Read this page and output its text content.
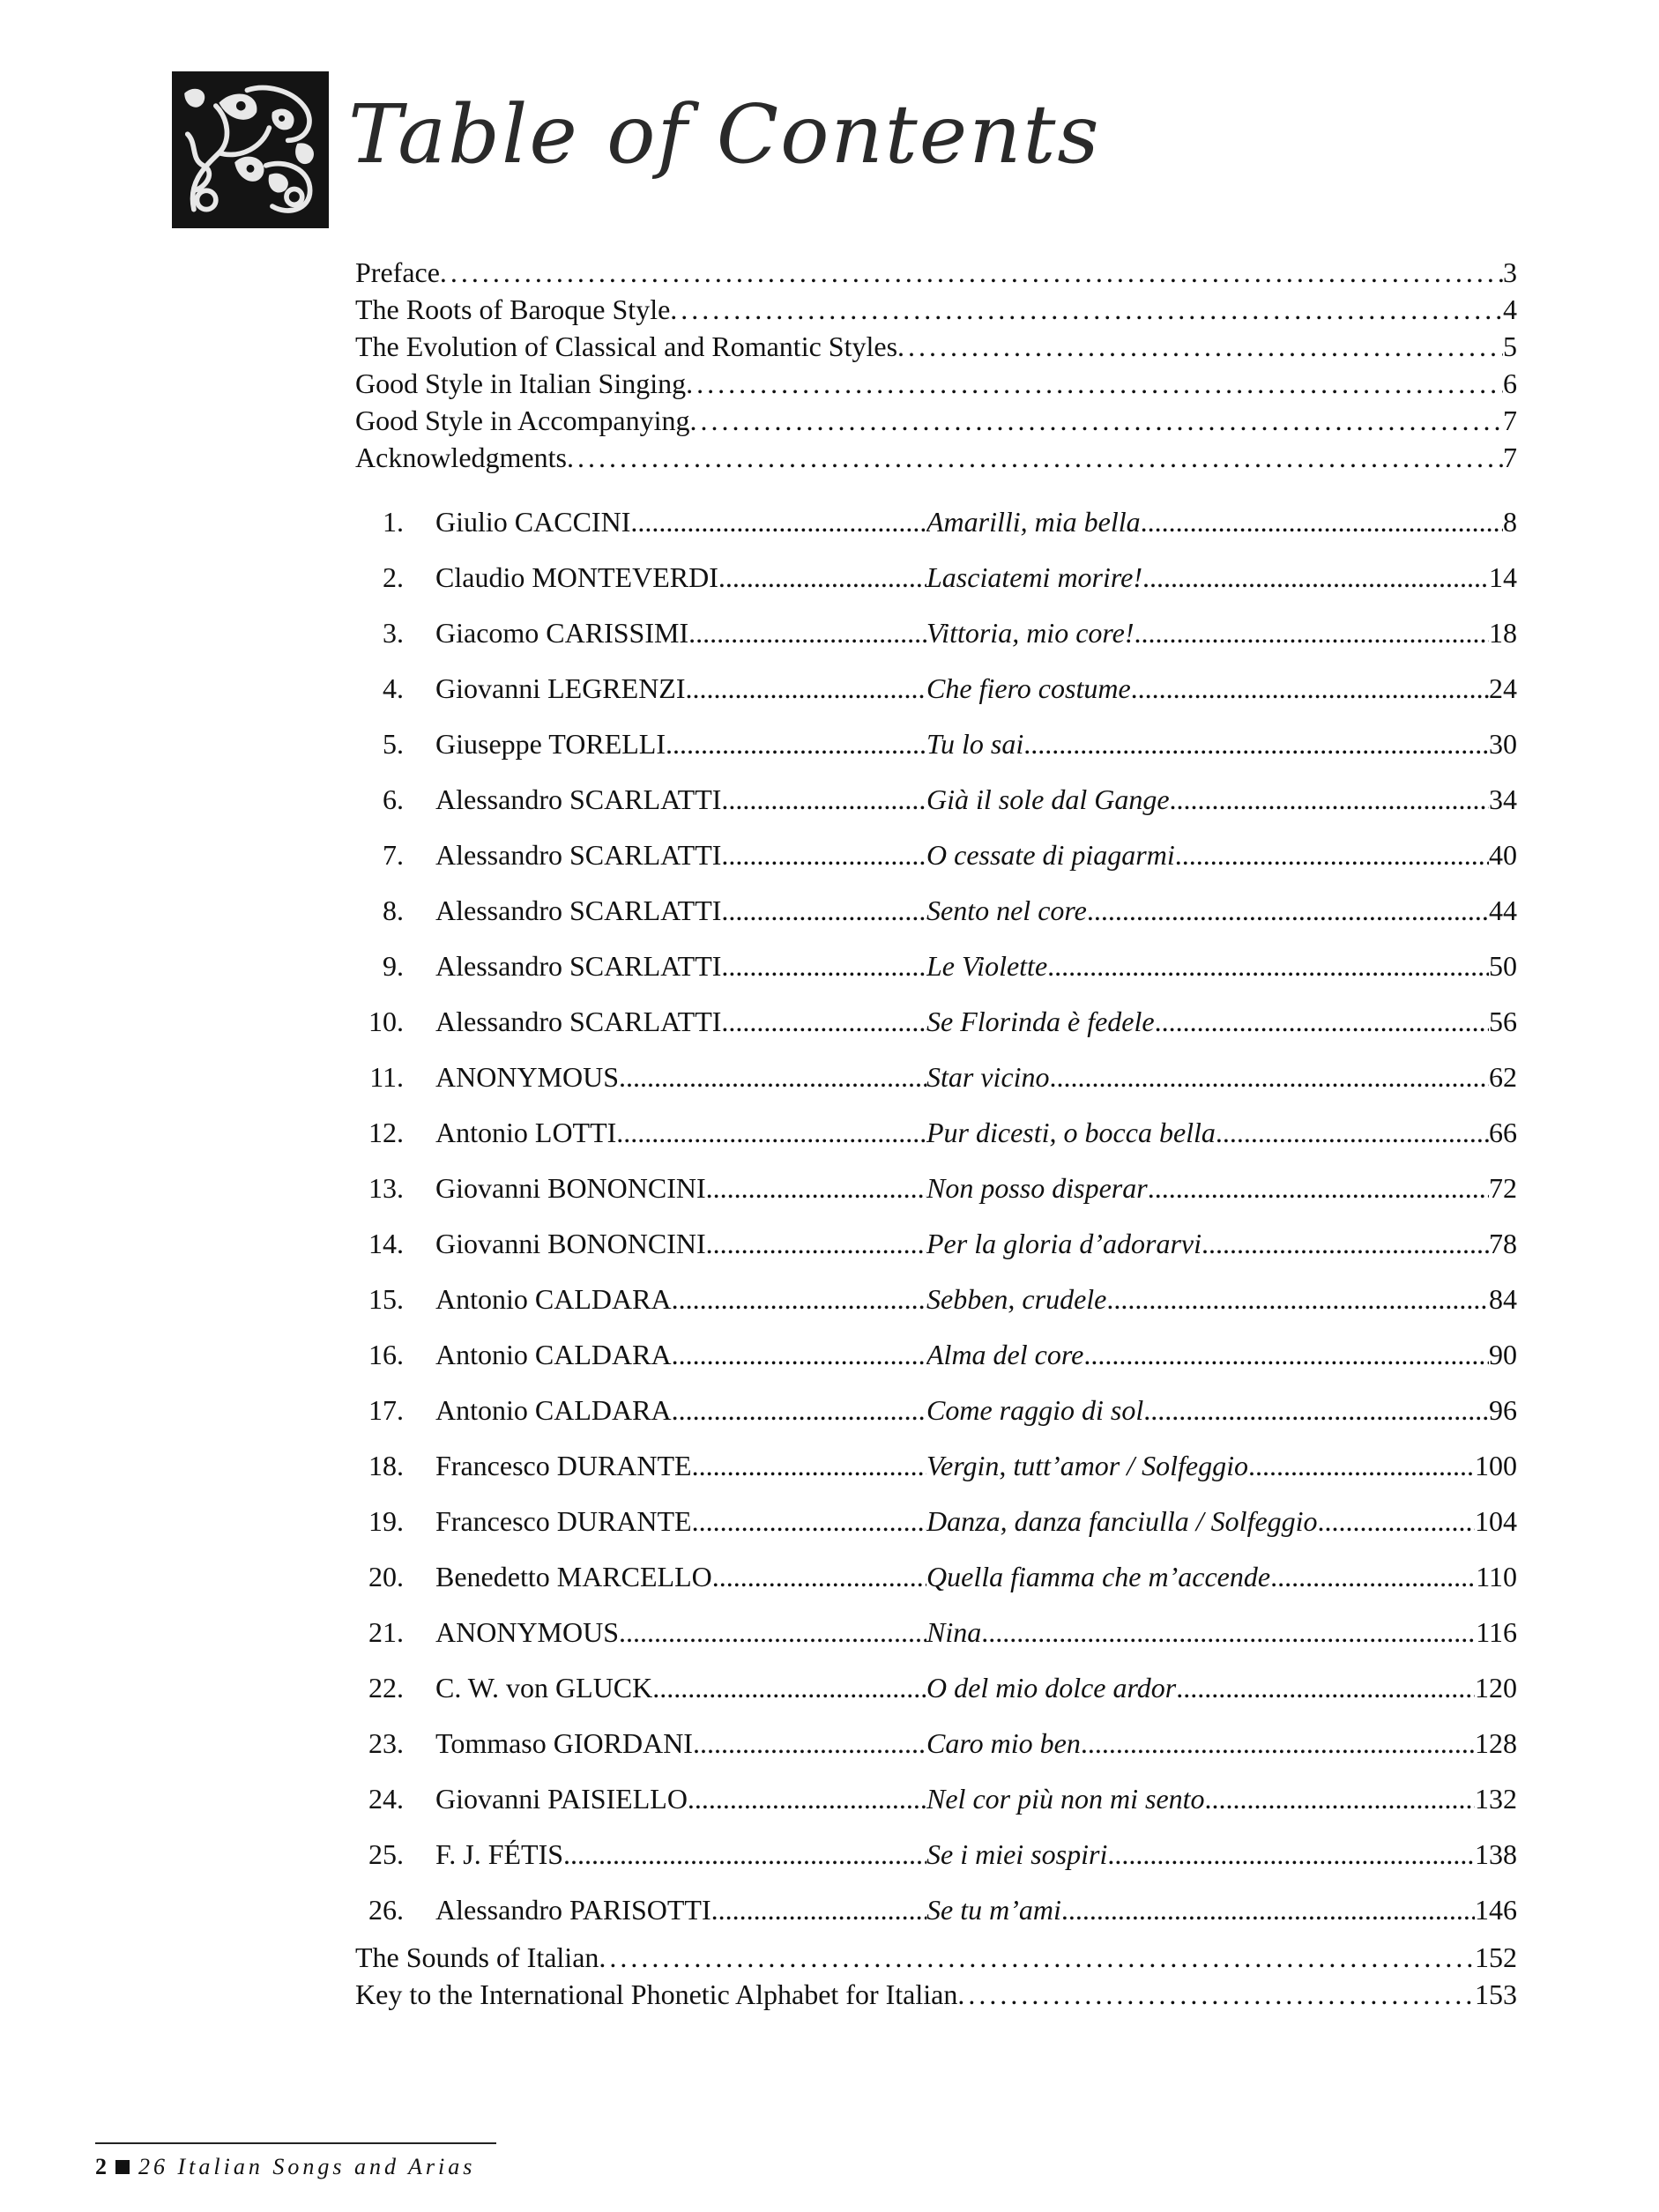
Table of Contents
Preface . . .	3
The Roots of Baroque Style . . .	4
The Evolution of Classical and Romantic Styles . . .	5
Good Style in Italian Singing . . .	6
Good Style in Accompanying . . .	7
Acknowledgments . . .	7
1. Giulio CACCINI .....	Amarilli, mia bella .....	8
2. Claudio MONTEVERDI .....	Lasciatemi morire! .....	14
3. Giacomo CARISSIMI .....	Vittoria, mio core! .....	18
4. Giovanni LEGRENZI .....	Che fiero costume .....	24
5. Giuseppe TORELLI .....	Tu lo sai .....	30
6. Alessandro SCARLATTI .....	Già il sole dal Gange .....	34
7. Alessandro SCARLATTI .....	O cessate di piagarmi .....	40
8. Alessandro SCARLATTI .....	Sento nel core .....	44
9. Alessandro SCARLATTI .....	Le Violette .....	50
10. Alessandro SCARLATTI .....	Se Florinda è fedele .....	56
11. ANONYMOUS .....	Star vicino .....	62
12. Antonio LOTTI .....	Pur dicesti, o bocca bella .....	66
13. Giovanni BONONCINI .....	Non posso disperar .....	72
14. Giovanni BONONCINI .....	Per la gloria d’adorarvi .....	78
15. Antonio CALDARA .....	Sebben, crudele .....	84
16. Antonio CALDARA .....	Alma del core .....	90
17. Antonio CALDARA .....	Come raggio di sol .....	96
18. Francesco DURANTE .....	Vergin, tutt’amor / Solfeggio .....	100
19. Francesco DURANTE .....	Danza, danza fanciulla / Solfeggio .....	104
20. Benedetto MARCELLO .....	Quella fiamma che m’accende .....	110
21. ANONYMOUS .....	Nina .....	116
22. C. W. von GLUCK .....	O del mio dolce ardor .....	120
23. Tommaso GIORDANI .....	Caro mio ben .....	128
24. Giovanni PAISIELLO .....	Nel cor più non mi sento .....	132
25. F. J. FÉTIS .....	Se i miei sospiri .....	138
26. Alessandro PARISOTTI .....	Se tu m’ami .....	146
The Sounds of Italian . . .	152
Key to the International Phonetic Alphabet for Italian . . .	153
2 26 Italian Songs and Arias
